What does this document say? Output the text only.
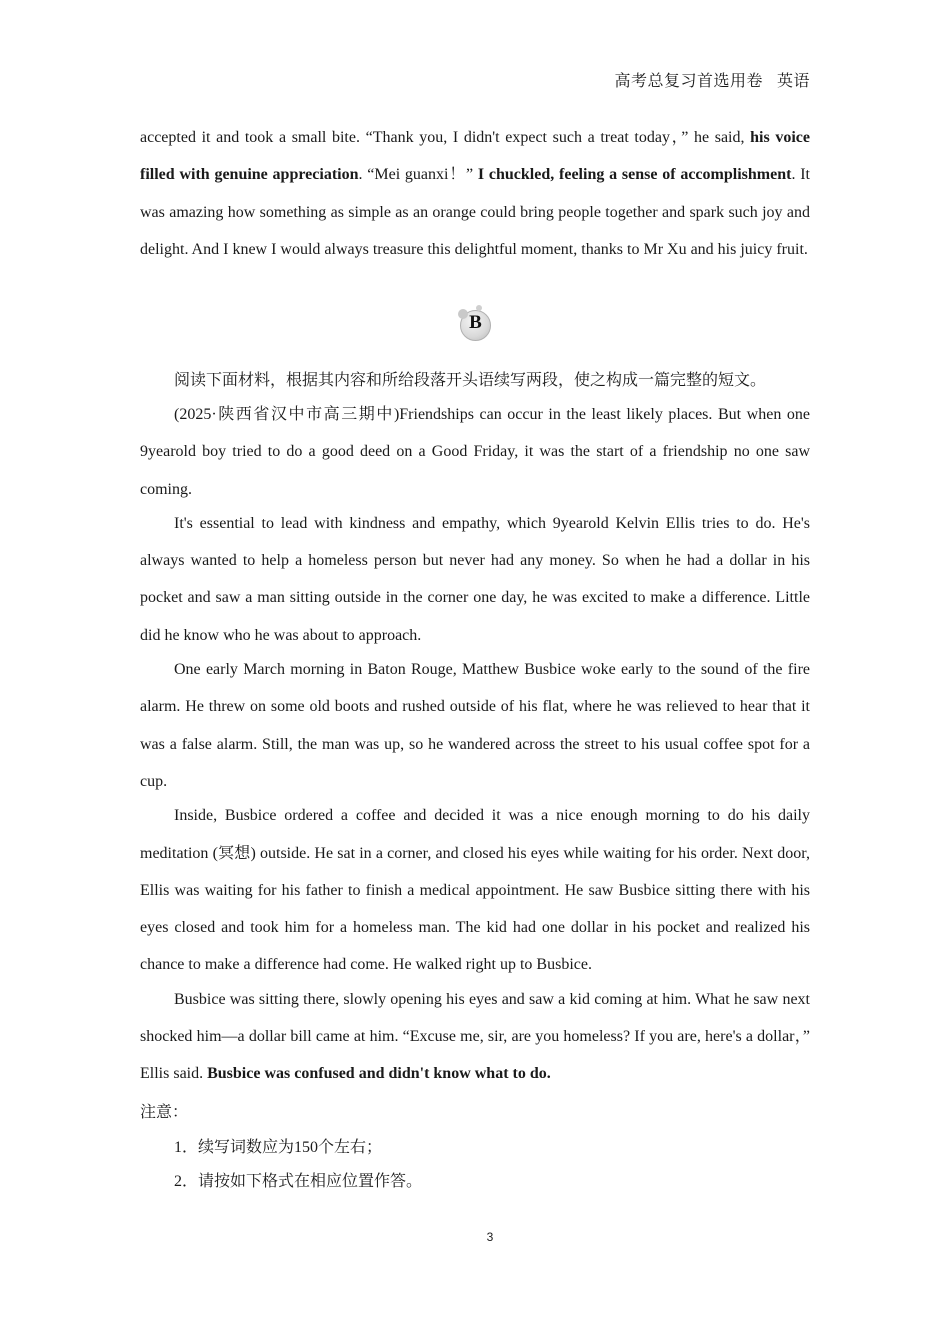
高考总复习首选用卷 英语
accepted it and took a small bite. “Thank you, I didn't expect such a treat today，” he said, his voice filled with genuine appreciation. “Mei guanxi！” I chuckled, feeling a sense of accomplishment. It was amazing how something as simple as an orange could bring people together and spark such joy and delight. And I knew I would always treasure this delightful moment, thanks to Mr Xu and his juicy fruit.
B
阅读下面材料，根据其内容和所给段落开头语续写两段，使之构成一篇完整的短文。

(2025·陕西省汉中市高三期中)Friendships can occur in the least likely places. But when one 9yearold boy tried to do a good deed on a Good Friday, it was the start of a friendship no one saw coming.

It's essential to lead with kindness and empathy, which 9yearold Kelvin Ellis tries to do. He's always wanted to help a homeless person but never had any money. So when he had a dollar in his pocket and saw a man sitting outside in the corner one day, he was excited to make a difference. Little did he know who he was about to approach.

One early March morning in Baton Rouge, Matthew Busbice woke early to the sound of the fire alarm. He threw on some old boots and rushed outside of his flat, where he was relieved to hear that it was a false alarm. Still, the man was up, so he wandered across the street to his usual coffee spot for a cup.

Inside, Busbice ordered a coffee and decided it was a nice enough morning to do his daily meditation (冥想) outside. He sat in a corner, and closed his eyes while waiting for his order. Next door, Ellis was waiting for his father to finish a medical appointment. He saw Busbice sitting there with his eyes closed and took him for a homeless man. The kid had one dollar in his pocket and realized his chance to make a difference had come. He walked right up to Busbice.

Busbice was sitting there, slowly opening his eyes and saw a kid coming at him. What he saw next shocked him—a dollar bill came at him. “Excuse me, sir, are you homeless? If you are, here's a dollar，” Ellis said. Busbice was confused and didn't know what to do.

注意：
1．续写词数应为150个左右；
2．请按如下格式在相应位置作答。
3
